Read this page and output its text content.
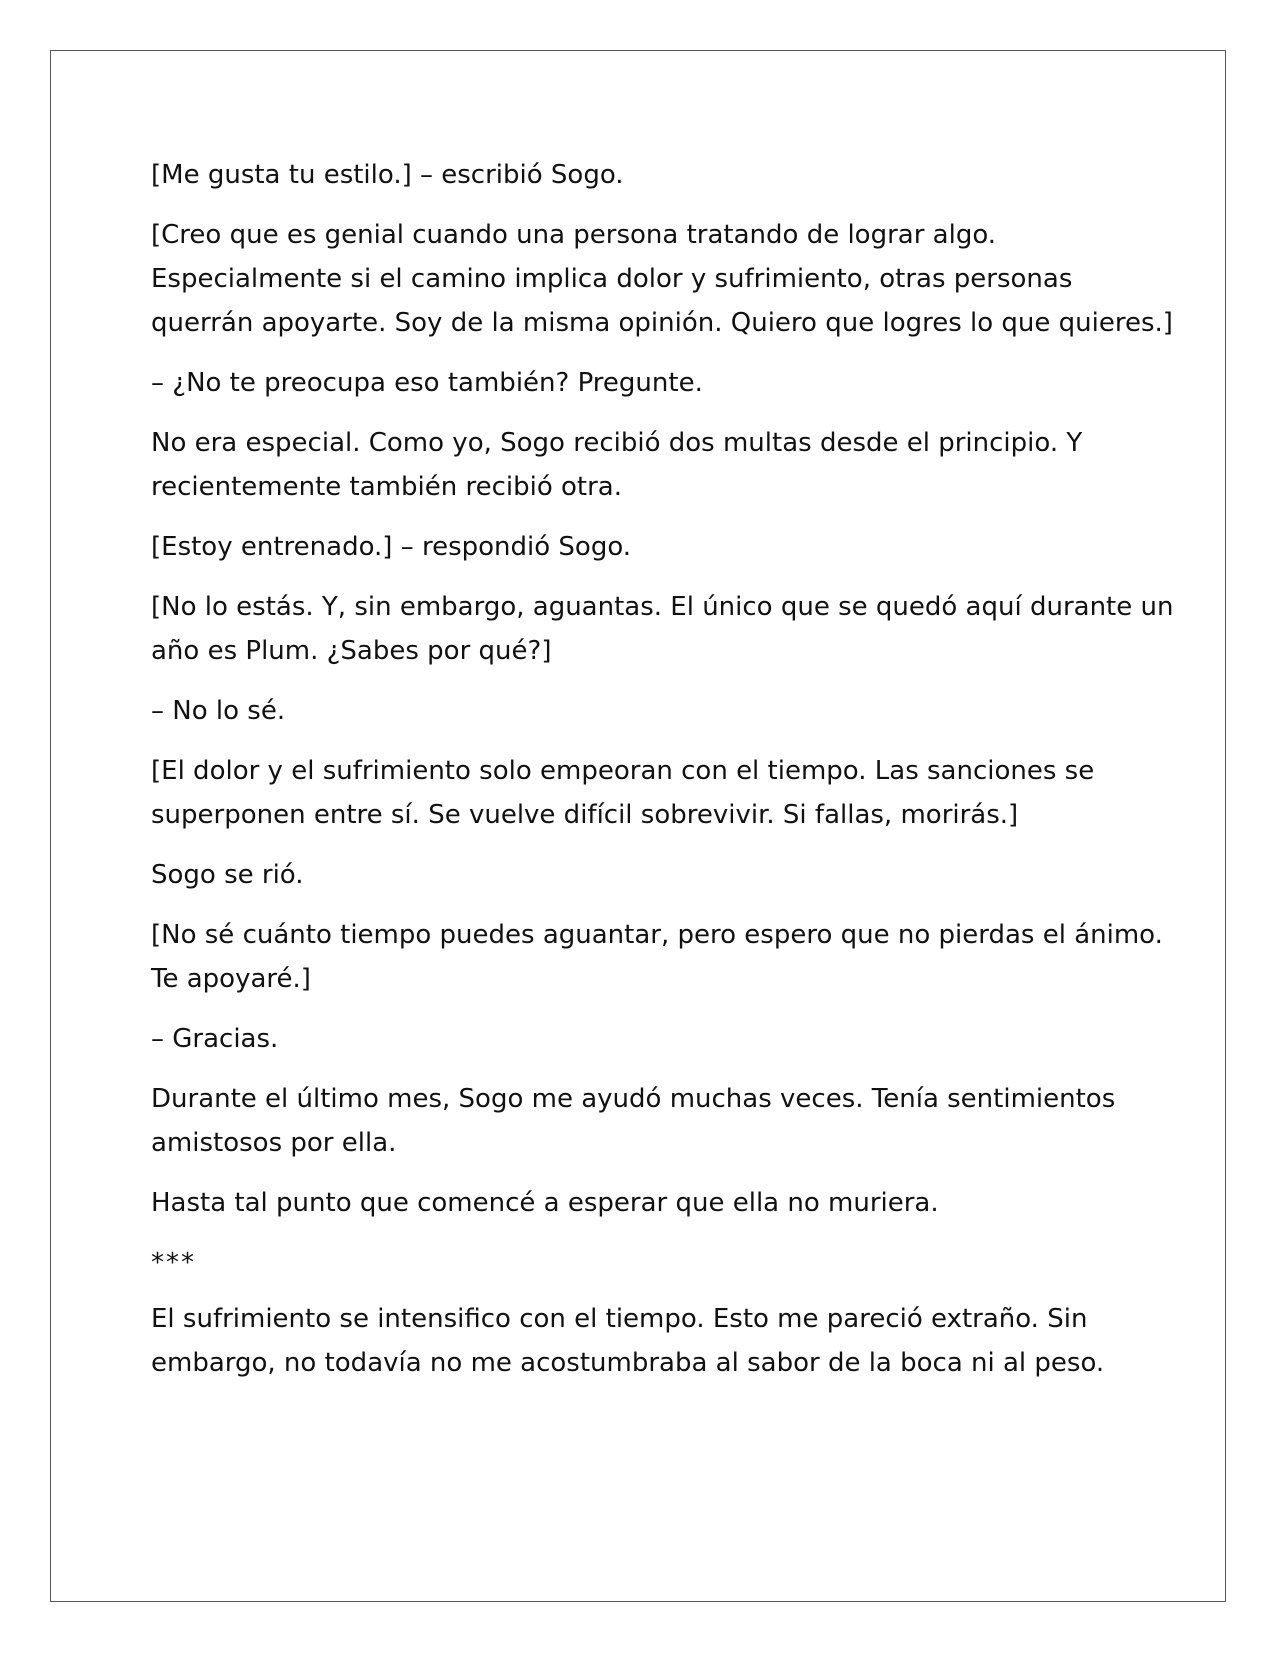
[Me gusta tu estilo.] – escribió Sogo.

[Creo que es genial cuando una persona tratando de lograr algo. Especialmente si el camino implica dolor y sufrimiento, otras personas querrán apoyarte. Soy de la misma opinión. Quiero que logres lo que quieres.]

– ¿No te preocupa eso también? Pregunte.

No era especial. Como yo, Sogo recibió dos multas desde el principio. Y recientemente también recibió otra.

[Estoy entrenado.] – respondió Sogo.

[No lo estás. Y, sin embargo, aguantas. El único que se quedó aquí durante un año es Plum. ¿Sabes por qué?]

– No lo sé.

[El dolor y el sufrimiento solo empeoran con el tiempo. Las sanciones se superponen entre sí. Se vuelve difícil sobrevivir. Si fallas, morirás.]

Sogo se rió.

[No sé cuánto tiempo puedes aguantar, pero espero que no pierdas el ánimo. Te apoyaré.]

– Gracias.

Durante el último mes, Sogo me ayudó muchas veces. Tenía sentimientos amistosos por ella.

Hasta tal punto que comencé a esperar que ella no muriera.

***

El sufrimiento se intensifico con el tiempo. Esto me pareció extraño. Sin embargo, no todavía no me acostumbraba al sabor de la boca ni al peso.
